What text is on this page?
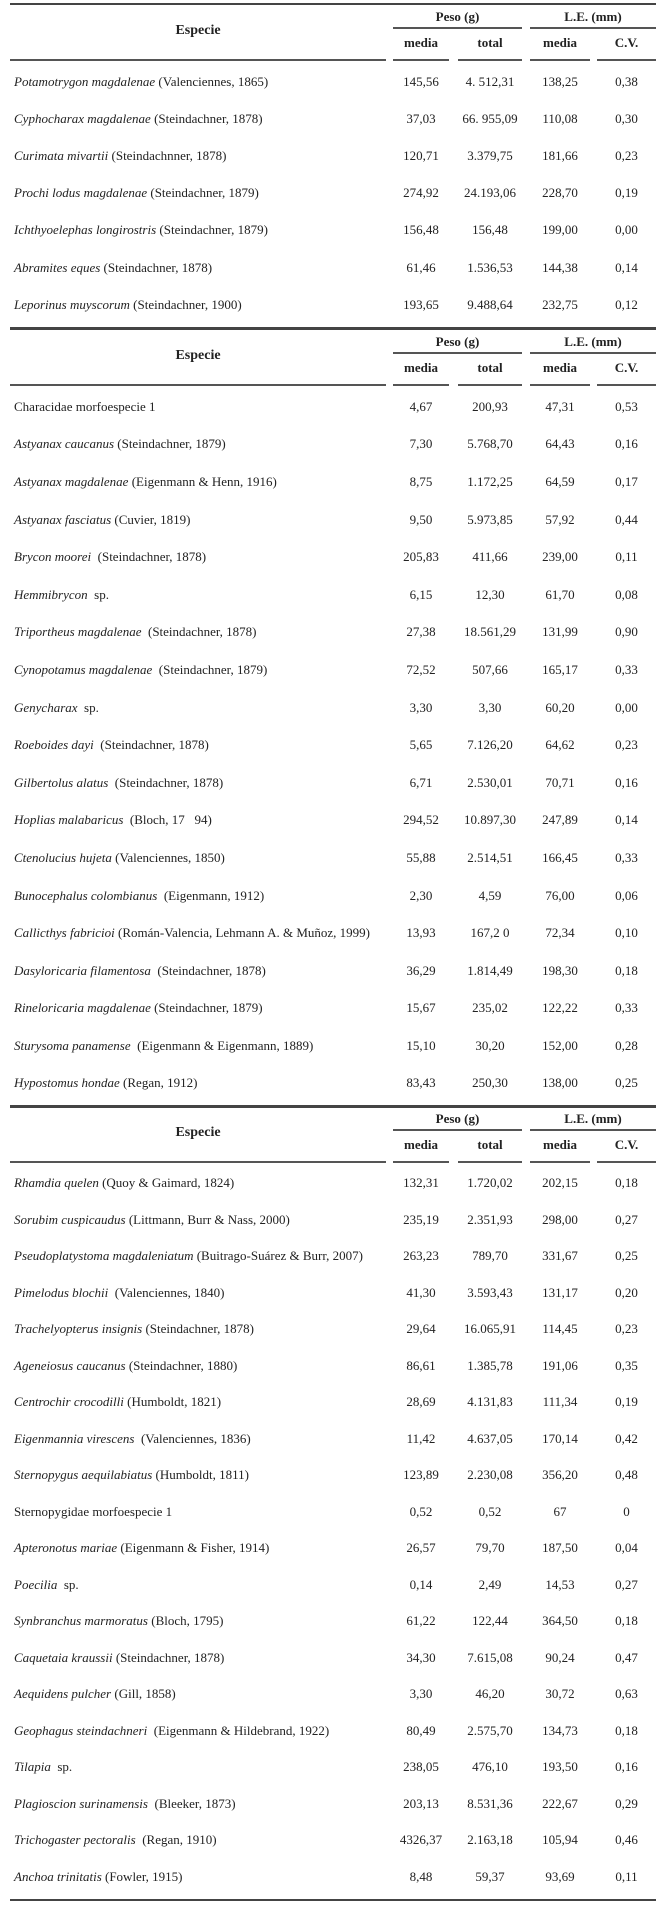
Especie
Peso (g)	L.E. (mm)
media	total	media	C.V.
Potamotrygon magdalenae (Valenciennes, 1865)	145,56	4. 512,31	138,25	0,38
Cyphocharax magdalenae (Steindachner, 1878)	37,03	66. 955,09	110,08	0,30
Curimata mivartii (Steindachnner, 1878)	120,71	3.379,75	181,66	0,23
Prochi lodus magdalenae (Steindachner, 1879)	274,92	24.193,06	228,70	0,19
Ichthyoelephas longirostris (Steindachner, 1879)	156,48	156,48	199,00	0,00
Abramites eques (Steindachner, 1878)	61,46	1.536,53	144,38	0,14
Leporinus muyscorum (Steindachner, 1900)	193,65	9.488,64	232,75	0,12
Especie
Peso (g)	L.E. (mm)
media	total	media	C.V.
Characidae morfoespecie 1	4,67	200,93	47,31	0,53
Astyanax caucanus (Steindachner, 1879)	7,30	5.768,70	64,43	0,16
Astyanax magdalenae (Eigenmann & Henn, 1916)	8,75	1.172,25	64,59	0,17
Astyanax fasciatus (Cuvier, 1819)	9,50	5.973,85	57,92	0,44
Brycon moorei  (Steindachner, 1878)	205,83	411,66	239,00	0,11
Hemmibrycon  sp.	6,15	12,30	61,70	0,08
Triportheus magdalenae  (Steindachner, 1878)	27,38	18.561,29	131,99	0,90
Cynopotamus magdalenae  (Steindachner, 1879)	72,52	507,66	165,17	0,33
Genycharax  sp.	3,30	3,30	60,20	0,00
Roeboides dayi  (Steindachner, 1878)	5,65	7.126,20	64,62	0,23
Gilbertolus alatus  (Steindachner, 1878)	6,71	2.530,01	70,71	0,16
Hoplias malabaricus  (Bloch, 17   94)	294,52	10.897,30	247,89	0,14
Ctenolucius hujeta (Valenciennes, 1850)	55,88	2.514,51	166,45	0,33
Bunocephalus colombianus  (Eigenmann, 1912)	2,30	4,59	76,00	0,06
Callicthys fabricioi (Román-Valencia, Lehmann A. & Muñoz, 1999)	13,93	167,2 0	72,34	0,10
Dasyloricaria filamentosa  (Steindachner, 1878)	36,29	1.814,49	198,30	0,18
Rineloricaria magdalenae (Steindachner, 1879)	15,67	235,02	122,22	0,33
Sturysoma panamense  (Eigenmann & Eigenmann, 1889)	15,10	30,20	152,00	0,28
Hypostomus hondae (Regan, 1912)	83,43	250,30	138,00	0,25
Especie
Peso (g)	L.E. (mm)
media	total	media	C.V.
Rhamdia quelen (Quoy & Gaimard, 1824)	132,31	1.720,02	202,15	0,18
Sorubim cuspicaudus (Littmann, Burr & Nass, 2000)	235,19	2.351,93	298,00	0,27
Pseudoplatystoma magdaleniatum (Buitrago-Suárez & Burr, 2007)	263,23	789,70	331,67	0,25
Pimelodus blochii  (Valenciennes, 1840)	41,30	3.593,43	131,17	0,20
Trachelyopterus insignis (Steindachner, 1878)	29,64	16.065,91	114,45	0,23
Ageneiosus caucanus (Steindachner, 1880)	86,61	1.385,78	191,06	0,35
Centrochir crocodilli (Humboldt, 1821)	28,69	4.131,83	111,34	0,19
Eigenmannia virescens  (Valenciennes, 1836)	11,42	4.637,05	170,14	0,42
Sternopygus aequilabiatus (Humboldt, 1811)	123,89	2.230,08	356,20	0,48
Sternopygidae morfoespecie 1	0,52	0,52	67	0
Apteronotus mariae (Eigenmann & Fisher, 1914)	26,57	79,70	187,50	0,04
Poecilia  sp.	0,14	2,49	14,53	0,27
Synbranchus marmoratus (Bloch, 1795)	61,22	122,44	364,50	0,18
Caquetaia kraussii (Steindachner, 1878)	34,30	7.615,08	90,24	0,47
Aequidens pulcher (Gill, 1858)	3,30	46,20	30,72	0,63
Geophagus steindachneri  (Eigenmann & Hildebrand, 1922)	80,49	2.575,70	134,73	0,18
Tilapia  sp.	238,05	476,10	193,50	0,16
Plagioscion surinamensis  (Bleeker, 1873)	203,13	8.531,36	222,67	0,29
Trichogaster pectoralis  (Regan, 1910)	4326,37	2.163,18	105,94	0,46
Anchoa trinitatis (Fowler, 1915)	8,48	59,37	93,69	0,11
